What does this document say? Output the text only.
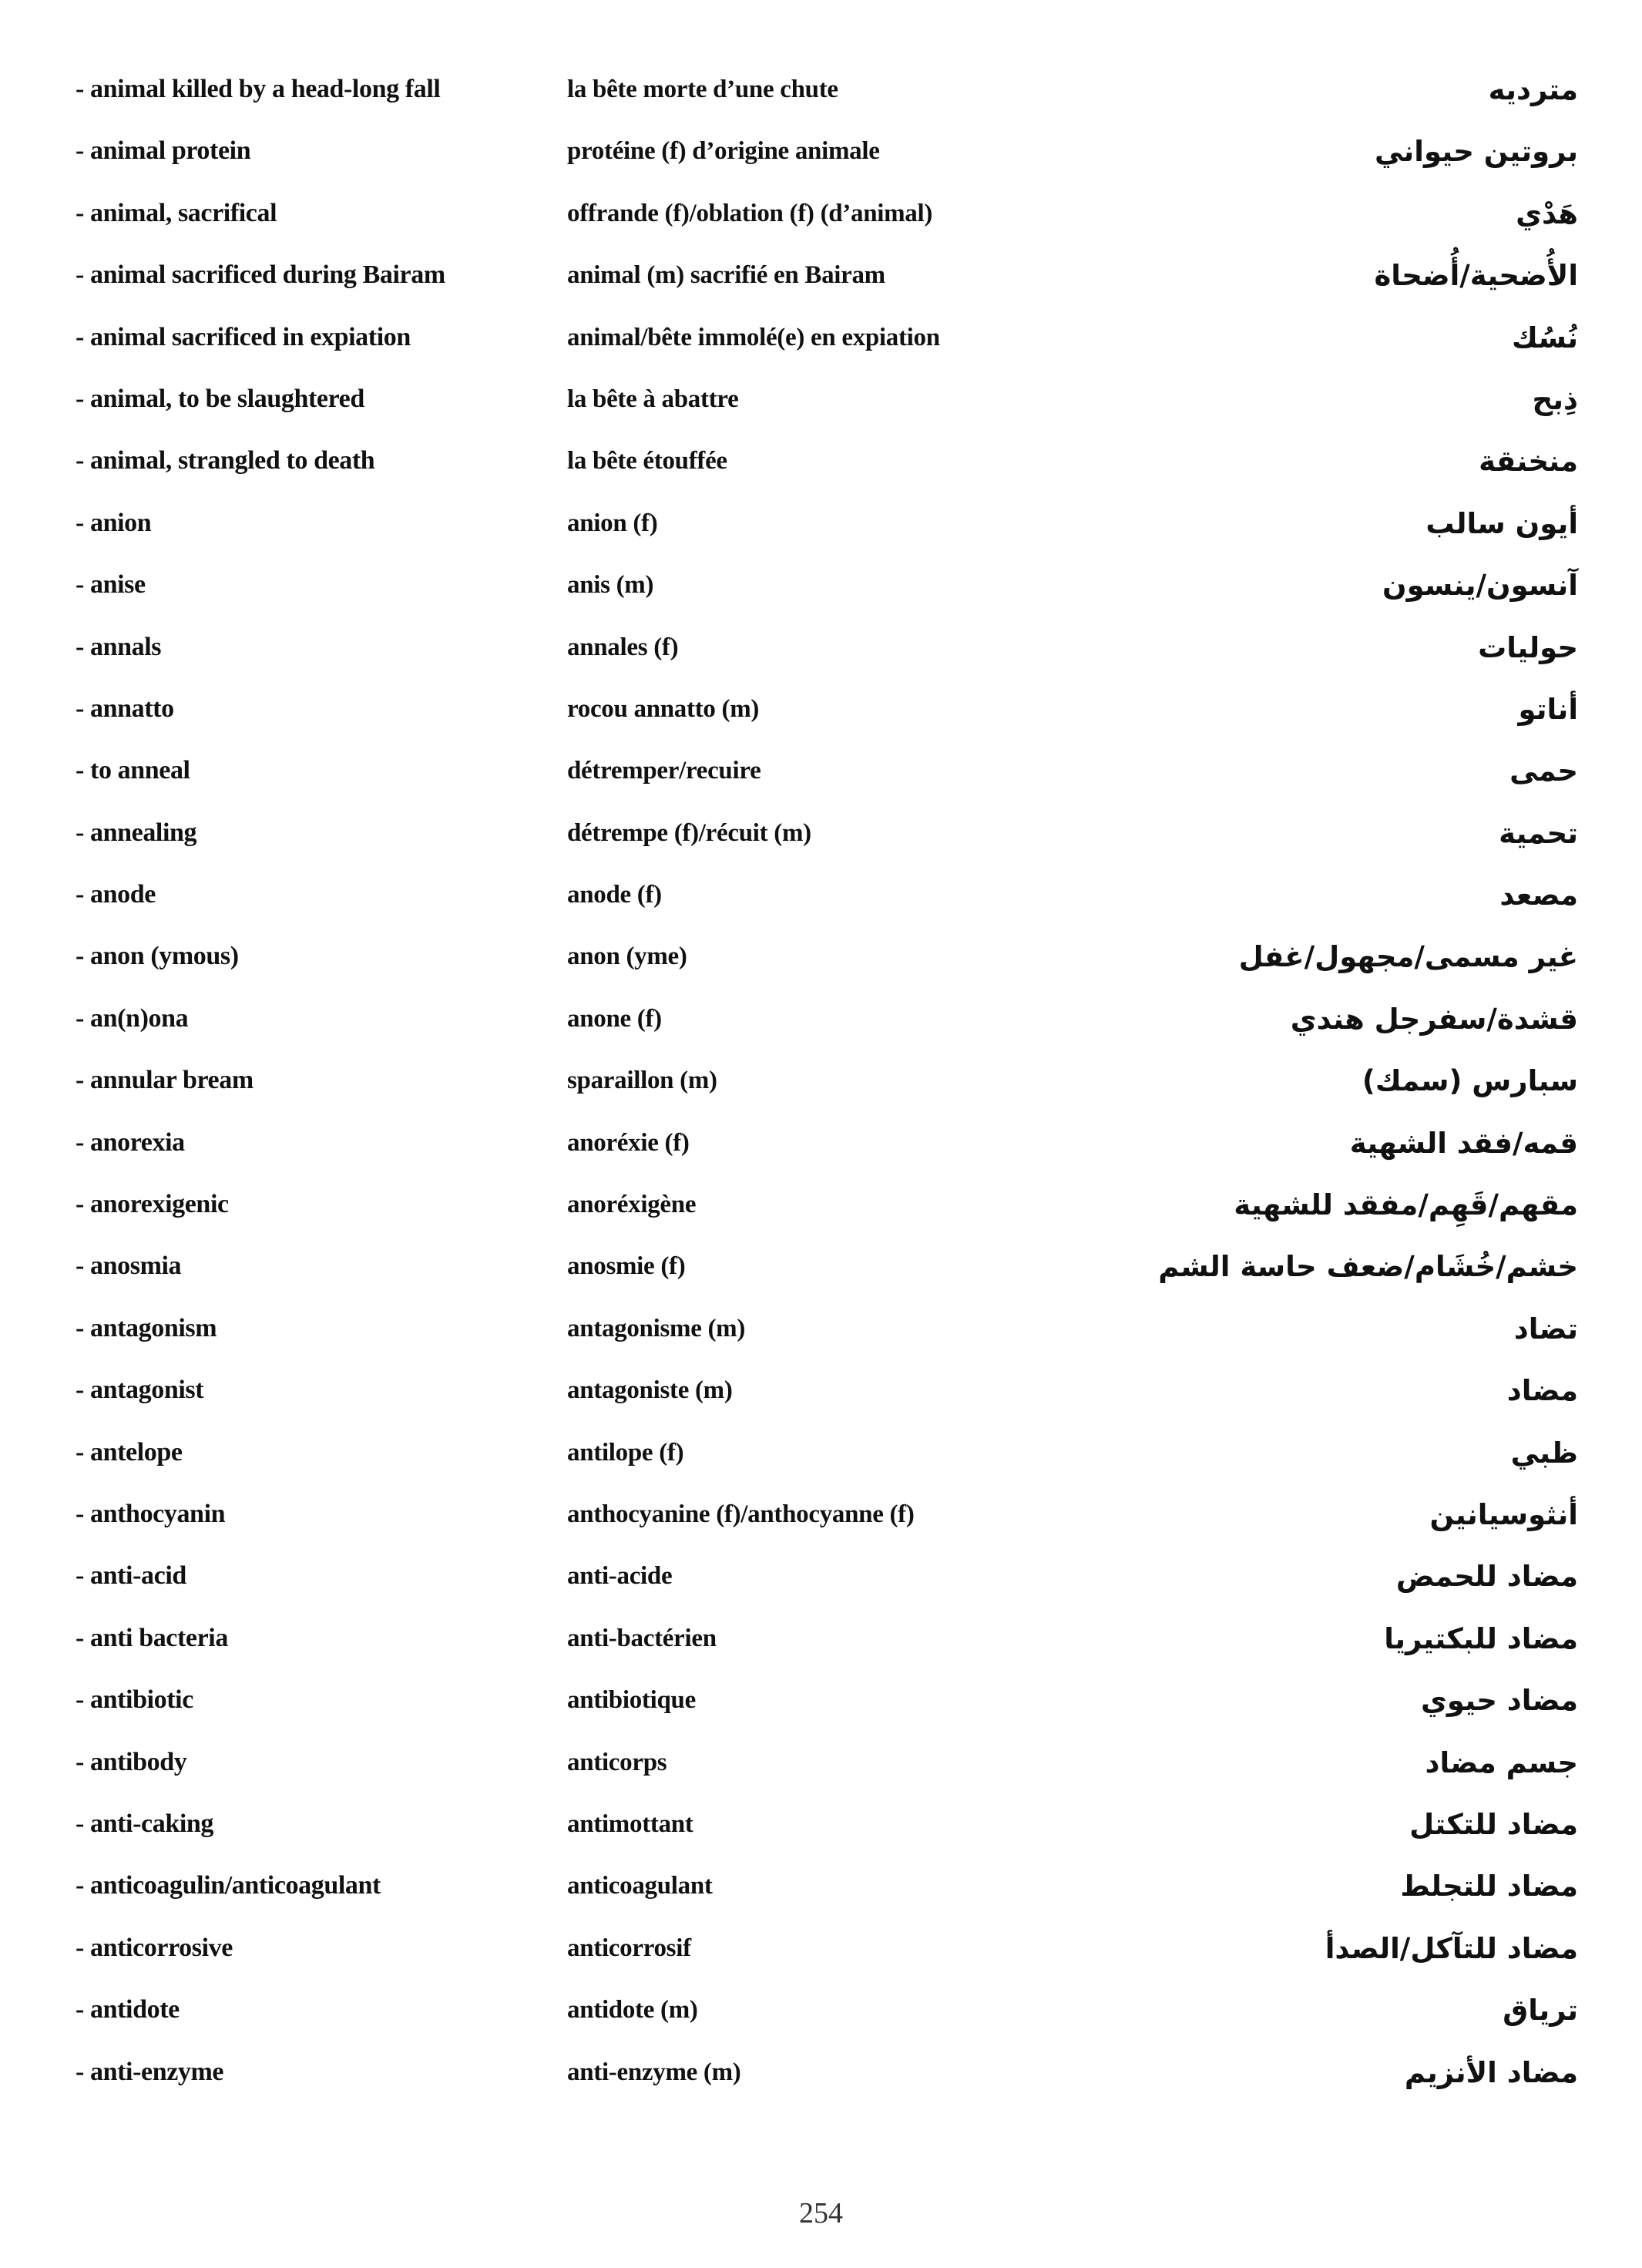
- animal killed by a head-long fall	la bête morte d’une chute	مترديه
- animal protein	protéine (f) d’origine animale	بروتين حيواني
- animal, sacrifical	offrande (f)/oblation (f) (d’animal)	هَدْي
- animal sacrificed during Bairam	animal (m) sacrifié en Bairam	الأُضحية/أُضحاة
- animal sacrificed in expiation	animal/bête immolé(e) en expiation	نُسُك
- animal, to be slaughtered	la bête à abattre	ذِبح
- animal, strangled to death	la bête étouffée	منخنقة
- anion	anion (f)	أيون سالب
- anise	anis (m)	آنسون/ينسون
- annals	annales (f)	حوليات
- annatto	rocou annatto (m)	أناتو
- to anneal	détremper/recuire	حمى
- annealing	détrempe (f)/récuit (m)	تحمية
- anode	anode (f)	مصعد
- anon (ymous)	anon (yme)	غير مسمى/مجهول/غفل
- an(n)ona	anone (f)	قشدة/سفرجل هندي
- annular bream	sparaillon (m)	سبارس (سمك)
- anorexia	anoréxie (f)	قمه/فقد الشهية
- anorexigenic	anoréxigène	مقهم/قَهِم/مفقد للشهية
- anosmia	anosmie (f)	خشم/خُشَام/ضعف حاسة الشم
- antagonism	antagonisme (m)	تضاد
- antagonist	antagoniste (m)	مضاد
- antelope	antilope (f)	ظبي
- anthocyanin	anthocyanine (f)/anthocyanne (f)	أنثوسيانين
- anti-acid	anti-acide	مضاد للحمض
- anti bacteria	anti-bactérien	مضاد للبكتيريا
- antibiotic	antibiotique	مضاد حيوي
- antibody	anticorps	جسم مضاد
- anti-caking	antimottant	مضاد للتكتل
- anticoagulin/anticoagulant	anticoagulant	مضاد للتجلط
- anticorrosive	anticorrosif	مضاد للتآكل/الصدأ
- antidote	antidote (m)	ترياق
- anti-enzyme	anti-enzyme (m)	مضاد الأنزيم
254
